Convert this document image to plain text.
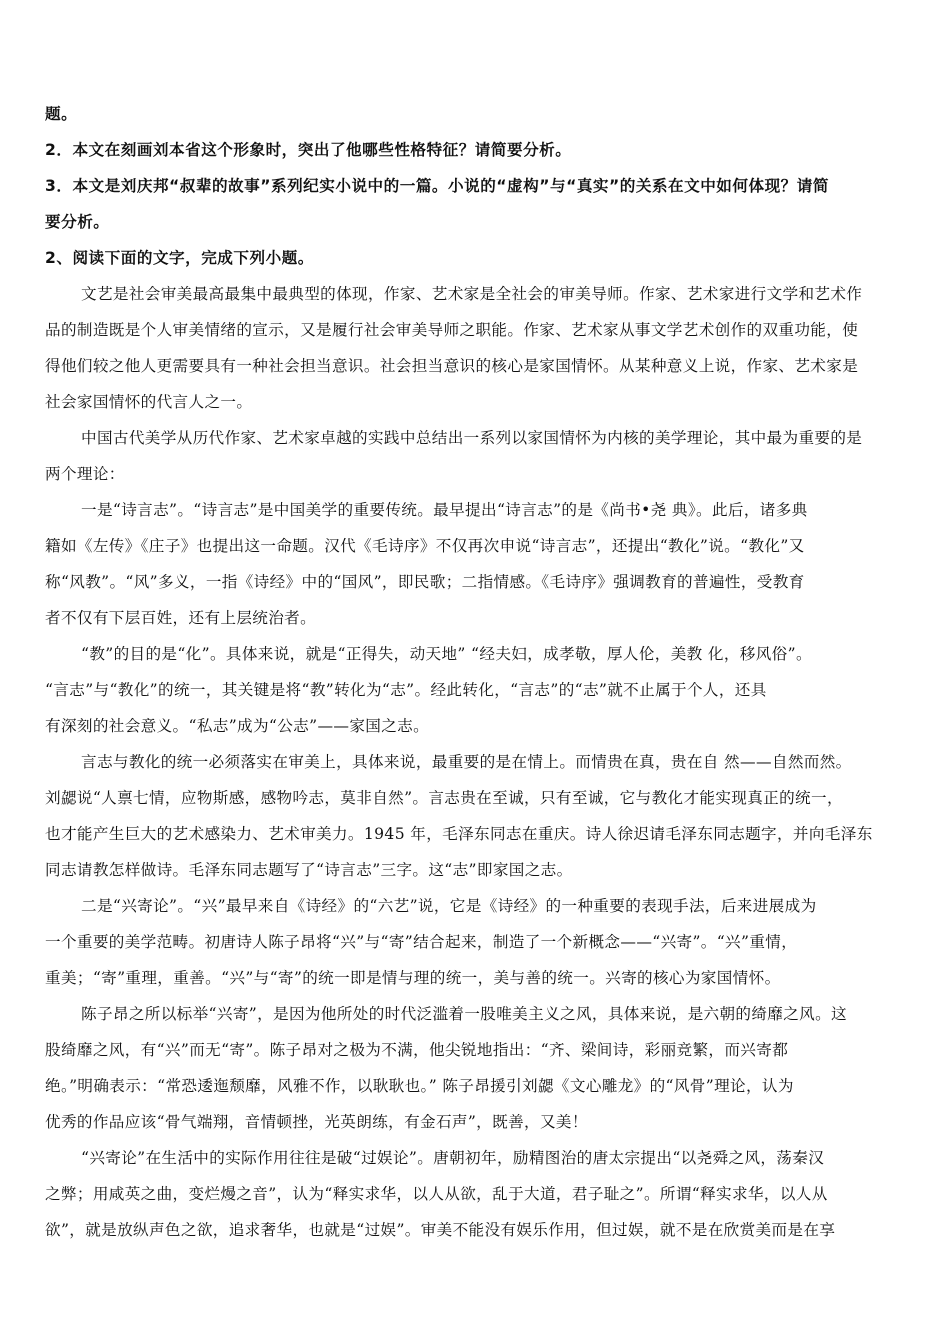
题。
2．本文在刻画刘本省这个形象时，突出了他哪些性格特征？请简要分析。
3．本文是刘庆邦“叔辈的故事”系列纪实小说中的一篇。小说的“虚构”与“真实”的关系在文中如何体现？请简
要分析。
2、阅读下面的文字，完成下列小题。
文艺是社会审美最高最集中最典型的体现，作家、艺术家是全社会的审美导师。作家、艺术家进行文学和艺术作
品的制造既是个人审美情绪的宣示，又是履行社会审美导师之职能。作家、艺术家从事文学艺术创作的双重功能，使
得他们较之他人更需要具有一种社会担当意识。社会担当意识的核心是家国情怀。从某种意义上说，作家、艺术家是
社会家国情怀的代言人之一。
中国古代美学从历代作家、艺术家卓越的实践中总结出一系列以家国情怀为内核的美学理论，其中最为重要的是
两个理论：
一是“诗言志”。“诗言志”是中国美学的重要传统。最早提出“诗言志”的是《尚书•尧 典》。此后，诸多典
籍如《左传》《庄子》也提出这一命题。汉代《毛诗序》不仅再次申说“诗言志”，还提出“教化”说。“教化”又
称“风教”。“风”多义，一指《诗经》中的“国风”，即民歌；二指情感。《毛诗序》强调教育的普遍性，受教育
者不仅有下层百姓，还有上层统治者。
“教”的目的是“化”。具体来说，就是“正得失，动天地” “经夫妇，成孝敬，厚人伦，美教 化，移风俗”。
“言志”与“教化”的统一，其关键是将“教”转化为“志”。经此转化，“言志”的“志”就不止属于个人，还具
有深刻的社会意义。“私志”成为“公志”——家国之志。
言志与教化的统一必须落实在审美上，具体来说，最重要的是在情上。而情贵在真，贵在自 然——自然而然。
刘勰说“人禀七情，应物斯感，感物吟志，莫非自然”。言志贵在至诚，只有至诚，它与教化才能实现真正的统一，
也才能产生巨大的艺术感染力、艺术审美力。1945 年，毛泽东同志在重庆。诗人徐迟请毛泽东同志题字，并向毛泽东
同志请教怎样做诗。毛泽东同志题写了“诗言志”三字。这“志”即家国之志。
二是“兴寄论”。“兴”最早来自《诗经》的“六艺”说，它是《诗经》的一种重要的表现手法，后来进展成为
一个重要的美学范畴。初唐诗人陈子昂将“兴”与“寄”结合起来，制造了一个新概念——“兴寄”。“兴”重情，
重美；“寄”重理，重善。“兴”与“寄”的统一即是情与理的统一，美与善的统一。兴寄的核心为家国情怀。
陈子昂之所以标举“兴寄”，是因为他所处的时代泛滥着一股唯美主义之风，具体来说，是六朝的绮靡之风。这
股绮靡之风，有“兴”而无“寄”。陈子昂对之极为不满，他尖锐地指出：“齐、梁间诗，彩丽竞繁，而兴寄都
绝。”明确表示：“常恐逶迤颓靡，风雅不作，以耿耿也。” 陈子昂援引刘勰《文心雕龙》的“风骨”理论，认为
优秀的作品应该“骨气端翔，音情顿挫，光英朗练，有金石声”，既善，又美！
“兴寄论”在生活中的实际作用往往是破“过娱论”。唐朝初年，励精图治的唐太宗提出“以尧舜之风，荡秦汉
之弊；用咸英之曲，变烂熳之音”，认为“释实求华，以人从欲，乱于大道，君子耻之”。所谓“释实求华，以人从
欲”，就是放纵声色之欲，追求奢华，也就是“过娱”。审美不能没有娱乐作用，但过娱，就不是在欣赏美而是在享
